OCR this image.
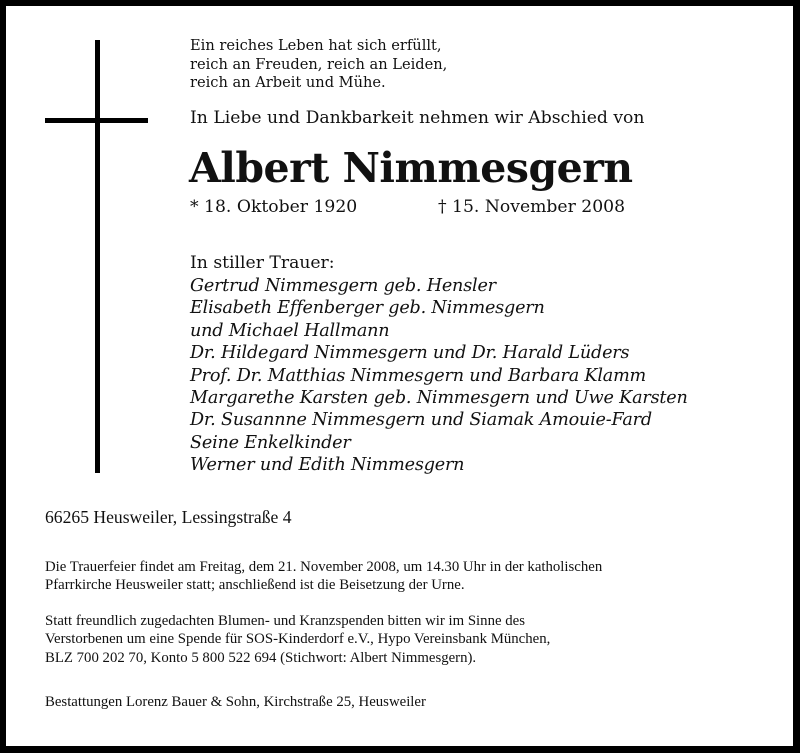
Ein reiches Leben hat sich erfüllt,
reich an Freuden, reich an Leiden,
reich an Arbeit und Mühe.
In Liebe und Dankbarkeit nehmen wir Abschied von
Albert Nimmesgern
* 18. Oktober 1920	† 15. November 2008
In stiller Trauer:
Gertrud Nimmesgern geb. Hensler
Elisabeth Effenberger geb. Nimmesgern
und Michael Hallmann
Dr. Hildegard Nimmesgern und Dr. Harald Lüders
Prof. Dr. Matthias Nimmesgern und Barbara Klamm
Margarethe Karsten geb. Nimmesgern und Uwe Karsten
Dr. Susannne Nimmesgern und Siamak Amouie-Fard
Seine Enkelkinder
Werner und Edith Nimmesgern
66265 Heusweiler, Lessingstraße 4
Die Trauerfeier findet am Freitag, dem 21. November 2008, um 14.30 Uhr in der katholischen
Pfarrkirche Heusweiler statt; anschließend ist die Beisetzung der Urne.
Statt freundlich zugedachten Blumen- und Kranzspenden bitten wir im Sinne des
Verstorbenen um eine Spende für SOS-Kinderdorf e.V., Hypo Vereinsbank München,
BLZ 700 202 70, Konto 5 800 522 694 (Stichwort: Albert Nimmesgern).
Bestattungen Lorenz Bauer & Sohn, Kirchstraße 25, Heusweiler
